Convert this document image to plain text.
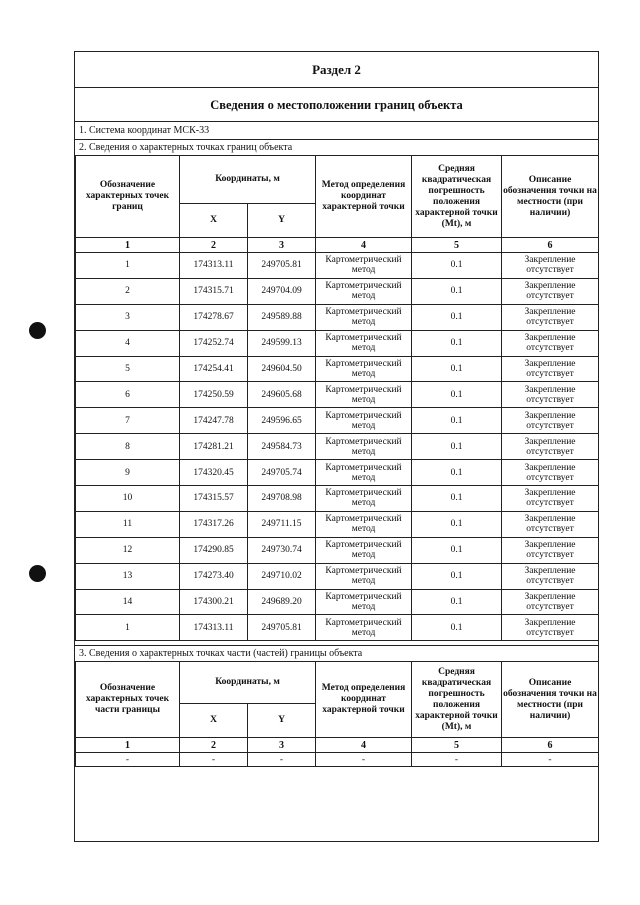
Раздел 2
Сведения о местоположении границ объекта
1. Система координат МСК-33
2. Сведения о характерных точках границ объекта
Обозначение характерных точек границ	Координаты, м		Метод определения координат характерной точки	Средняя квадратическая погрешность положения характерной точки (Mt), м	Описание обозначения точки на местности (при наличии)
	X	Y			
1	2	3	4	5	6
1	174313.11	249705.81	Картометрический метод	0.1	Закрепление отсутствует
2	174315.71	249704.09	Картометрический метод	0.1	Закрепление отсутствует
3	174278.67	249589.88	Картометрический метод	0.1	Закрепление отсутствует
4	174252.74	249599.13	Картометрический метод	0.1	Закрепление отсутствует
5	174254.41	249604.50	Картометрический метод	0.1	Закрепление отсутствует
6	174250.59	249605.68	Картометрический метод	0.1	Закрепление отсутствует
7	174247.78	249596.65	Картометрический метод	0.1	Закрепление отсутствует
8	174281.21	249584.73	Картометрический метод	0.1	Закрепление отсутствует
9	174320.45	249705.74	Картометрический метод	0.1	Закрепление отсутствует
10	174315.57	249708.98	Картометрический метод	0.1	Закрепление отсутствует
11	174317.26	249711.15	Картометрический метод	0.1	Закрепление отсутствует
12	174290.85	249730.74	Картометрический метод	0.1	Закрепление отсутствует
13	174273.40	249710.02	Картометрический метод	0.1	Закрепление отсутствует
14	174300.21	249689.20	Картометрический метод	0.1	Закрепление отсутствует
1	174313.11	249705.81	Картометрический метод	0.1	Закрепление отсутствует
3. Сведения о характерных точках части (частей) границы объекта
Обозначение характерных точек части границы	Координаты, м		Метод определения координат характерной точки	Средняя квадратическая погрешность положения характерной точки (Mt), м	Описание обозначения точки на местности (при наличии)
	X	Y			
1	2	3	4	5	6
-	-	-	-	-	-
